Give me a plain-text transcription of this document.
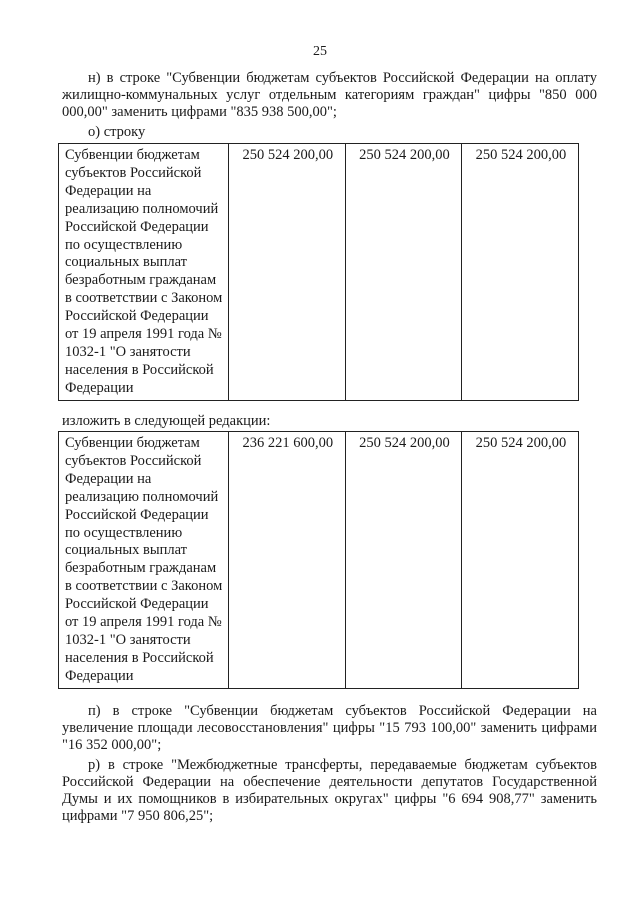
25

н) в строке "Субвенции бюджетам субъектов Российской Федерации на оплату жилищно-коммунальных услуг отдельным категориям граждан" цифры "850 000 000,00" заменить цифрами "835 938 500,00";

о) строку
Субвенции бюджетам субъектов Российской Федерации на реализацию полномочий Российской Федерации по осуществлению социальных выплат безработным гражданам в соответствии с Законом Российской Федерации от 19 апреля 1991 года № 1032-1 "О занятости населения в Российской Федерации
	250 524 200,00	250 524 200,00	250 524 200,00
изложить в следующей редакции:
Субвенции бюджетам субъектов Российской Федерации на реализацию полномочий Российской Федерации по осуществлению социальных выплат безработным гражданам в соответствии с Законом Российской Федерации от 19 апреля 1991 года № 1032-1 "О занятости населения в Российской Федерации
	236 221 600,00	250 524 200,00	250 524 200,00

п) в строке "Субвенции бюджетам субъектов Российской Федерации на увеличение площади лесовосстановления" цифры "15 793 100,00" заменить цифрами "16 352 000,00";

р) в строке "Межбюджетные трансферты, передаваемые бюджетам субъектов Российской Федерации на обеспечение деятельности депутатов Государственной Думы и их помощников в избирательных округах" цифры "6 694 908,77" заменить цифрами "7 950 806,25";
